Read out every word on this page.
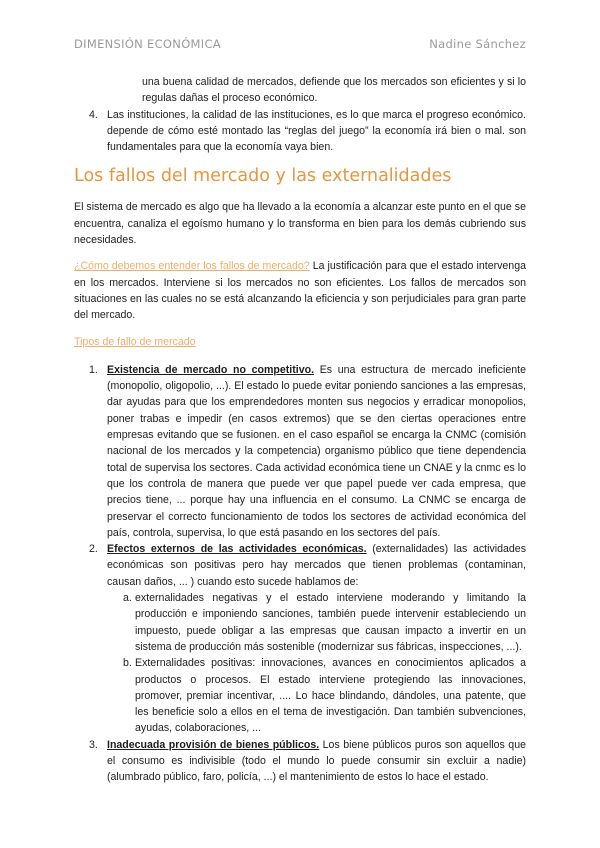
DIMENSIÓN ECONÓMICA	Nadine Sánchez

una buena calidad de mercados, defiende que los mercados son eficientes y si lo regulas dañas el proceso económico.

4. Las instituciones, la calidad de las instituciones, es lo que marca el progreso económico. depende de cómo esté montado las “reglas del juego” la economía irá bien o mal. son fundamentales para que la economía vaya bien.
Los fallos del mercado y las externalidades

El sistema de mercado es algo que ha llevado a la economía a alcanzar este punto en el que se encuentra, canaliza el egoísmo humano y lo transforma en bien para los demás cubriendo sus necesidades.

¿Cómo debemos entender los fallos de mercado? La justificación para que el estado intervenga en los mercados. Interviene si los mercados no son eficientes. Los fallos de mercados son situaciones en las cuales no se está alcanzando la eficiencia y son perjudiciales para gran parte del mercado.

Tipos de fallo de mercado

1. Existencia de mercado no competitivo. Es una estructura de mercado ineficiente (monopolio, oligopolio, ...). El estado lo puede evitar poniendo sanciones a las empresas, dar ayudas para que los emprendedores monten sus negocios y erradicar monopolios, poner trabas e impedir (en casos extremos) que se den ciertas operaciones entre empresas evitando que se fusionen. en el caso español se encarga la CNMC (comisión nacional de los mercados y la competencia) organismo público que tiene dependencia total de supervisa los sectores. Cada actividad económica tiene un CNAE y la cnmc es lo que los controla de manera que puede ver que papel puede ver cada empresa, que precios tiene, ... porque hay una influencia en el consumo. La CNMC se encarga de preservar el correcto funcionamiento de todos los sectores de actividad económica del país, controla, supervisa, lo que está pasando en los sectores del país.
2. Efectos externos de las actividades económicas. (externalidades) las actividades económicas son positivas pero hay mercados que tienen problemas (contaminan, causan daños, ... ) cuando esto sucede hablamos de:
a. externalidades negativas y el estado interviene moderando y limitando la producción e imponiendo sanciones, también puede intervenir estableciendo un impuesto, puede obligar a las empresas que causan impacto a invertir en un sistema de producción más sostenible (modernizar sus fábricas, inspecciones, ...).
b. Externalidades positivas: innovaciones, avances en conocimientos aplicados a productos o procesos. El estado interviene protegiendo las innovaciones, promover, premiar incentivar, .... Lo hace blindando, dándoles, una patente, que les beneficie solo a ellos en el tema de investigación. Dan también subvenciones, ayudas, colaboraciones, ...
3. Inadecuada provisión de bienes públicos. Los biene públicos puros son aquellos que el consumo es indivisible (todo el mundo lo puede consumir sin excluir a nadie) (alumbrado público, faro, policía, ...) el mantenimiento de estos lo hace el estado.
